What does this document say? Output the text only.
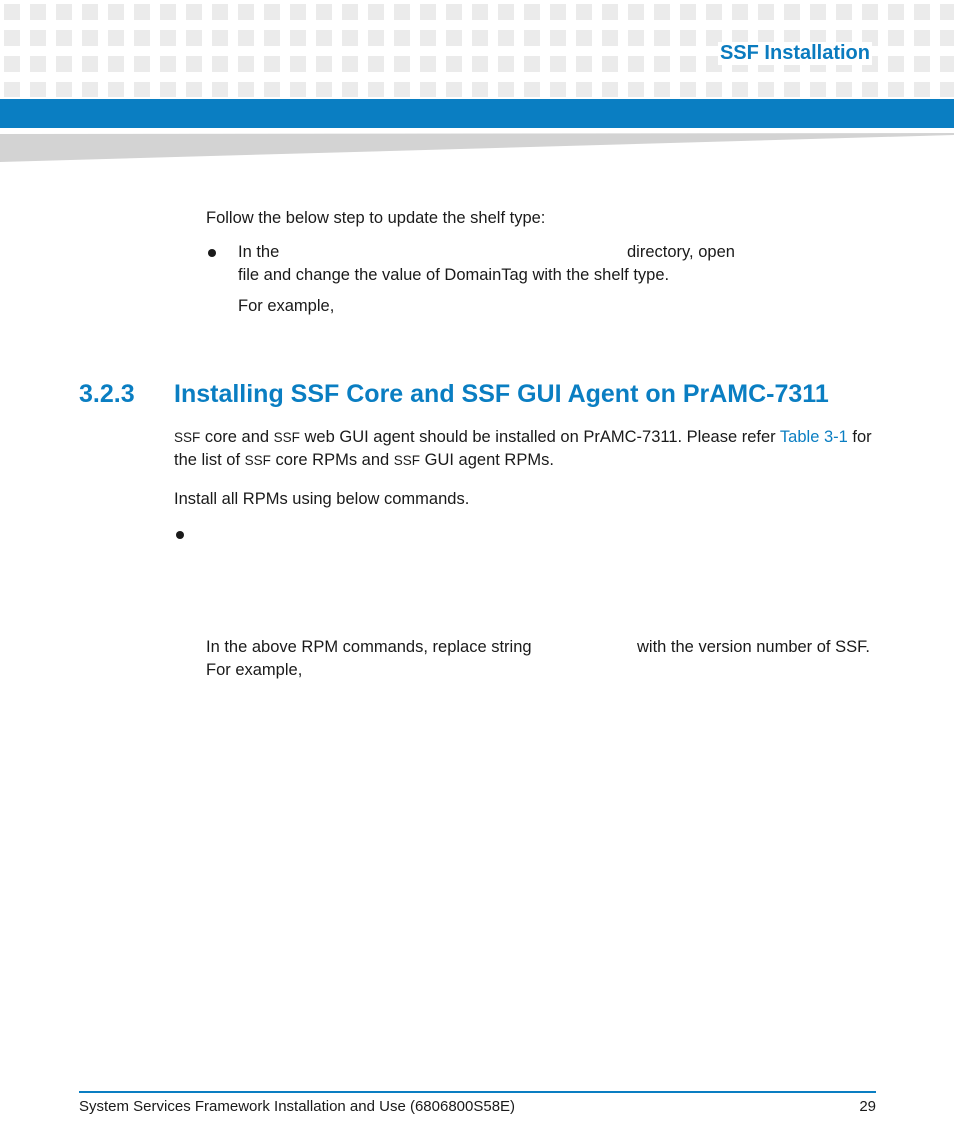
SSF Installation

Follow the below step to update the shelf type:

In the	directory, open

file and change the value of DomainTag with the shelf type.

For example,

3.2.3 Installing SSF Core and SSF GUI Agent on PrAMC-7311

SSF core and SSF web GUI agent should be installed on PrAMC-7311. Please refer Table 3-1 for

the list of SSF core RPMs and SSF GUI agent RPMs.

Install all RPMs using below commands.

In the above RPM commands, replace string	with the version number of SSF.

For example,

System Services Framework Installation and Use (6806800S58E)	29
